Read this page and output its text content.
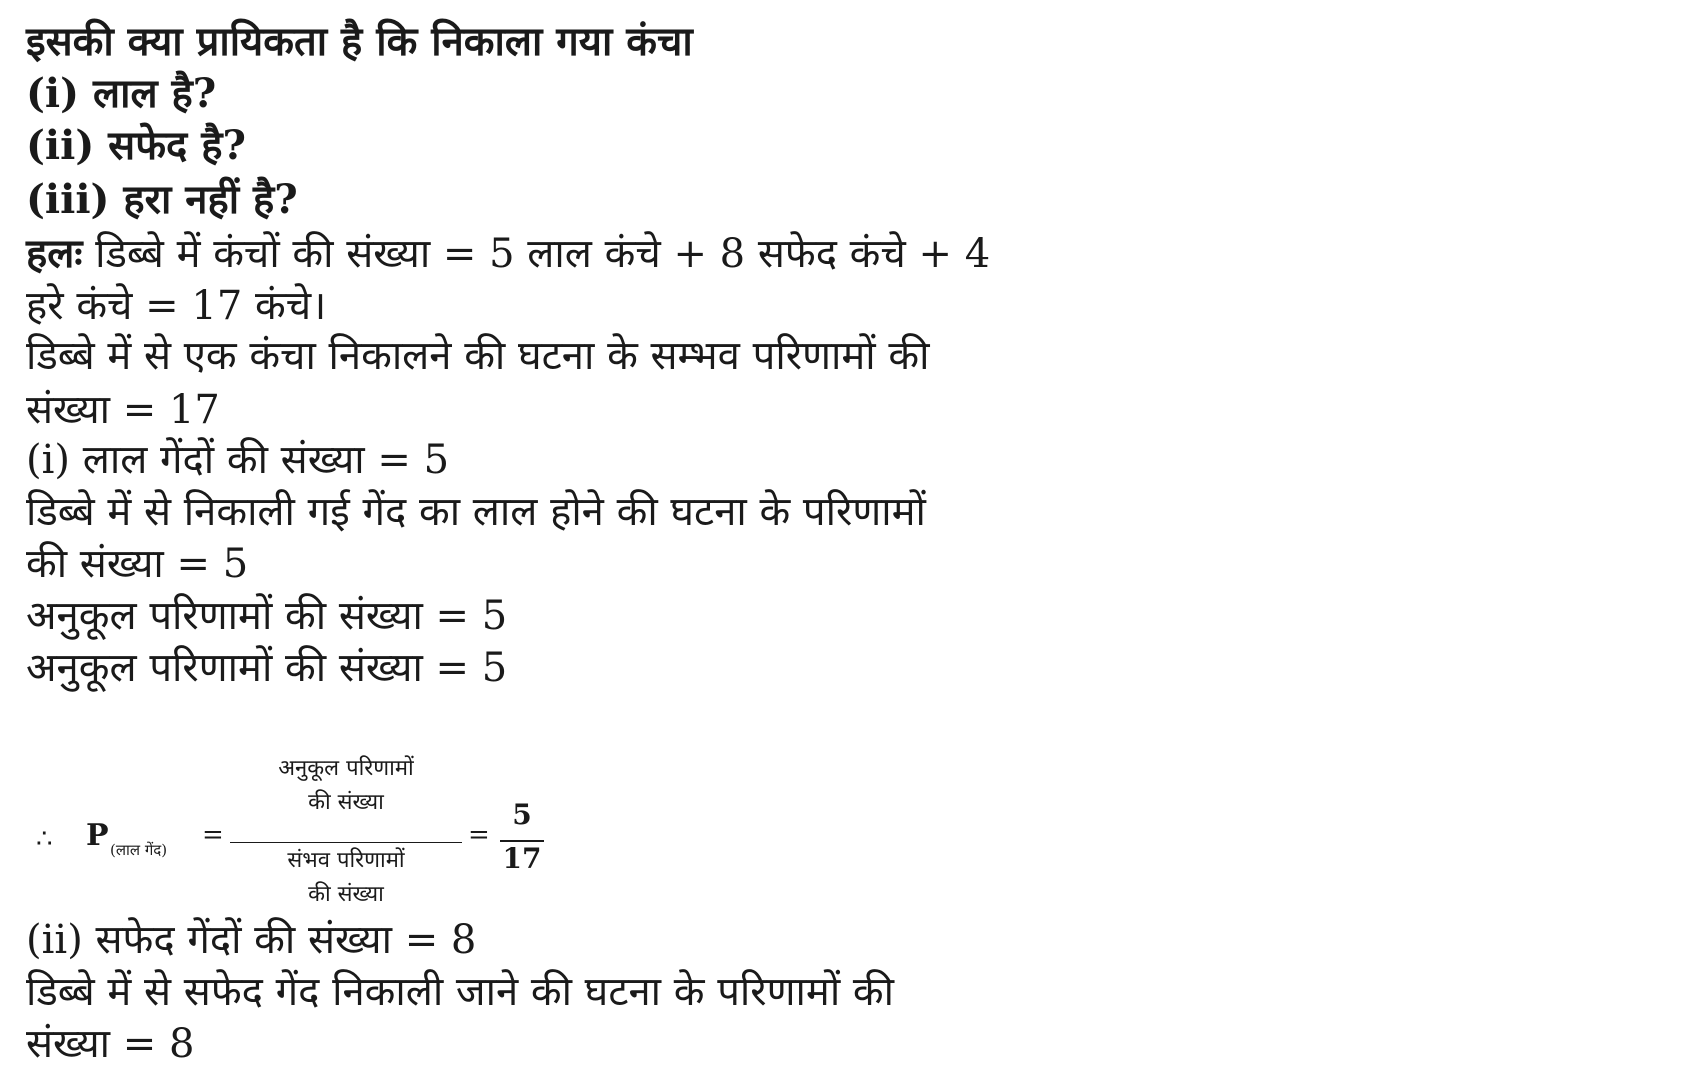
इसकी क्या प्रायिकता है कि निकाला गया कंचा
(i) लाल है?
(ii) सफेद है?
(iii) हरा नहीं है?
हलः डिब्बे में कंचों की संख्या = 5 लाल कंचे + 8 सफेद कंचे + 4
हरे कंचे = 17 कंचे।
डिब्बे में से एक कंचा निकालने की घटना के सम्भव परिणामों की
संख्या = 17
(i) लाल गेंदों की संख्या = 5
डिब्बे में से निकाली गई गेंद का लाल होने की घटना के परिणामों
की संख्या = 5
अनुकूल परिणामों की संख्या = 5
अनुकूल परिणामों की संख्या = 5
∴ P (लाल गेंद) =
अनुकूल परिणामों
की संख्या
संभव परिणामों
की संख्या
=
5
17
(ii) सफेद गेंदों की संख्या = 8
डिब्बे में से सफेद गेंद निकाली जाने की घटना के परिणामों की
संख्या = 8
